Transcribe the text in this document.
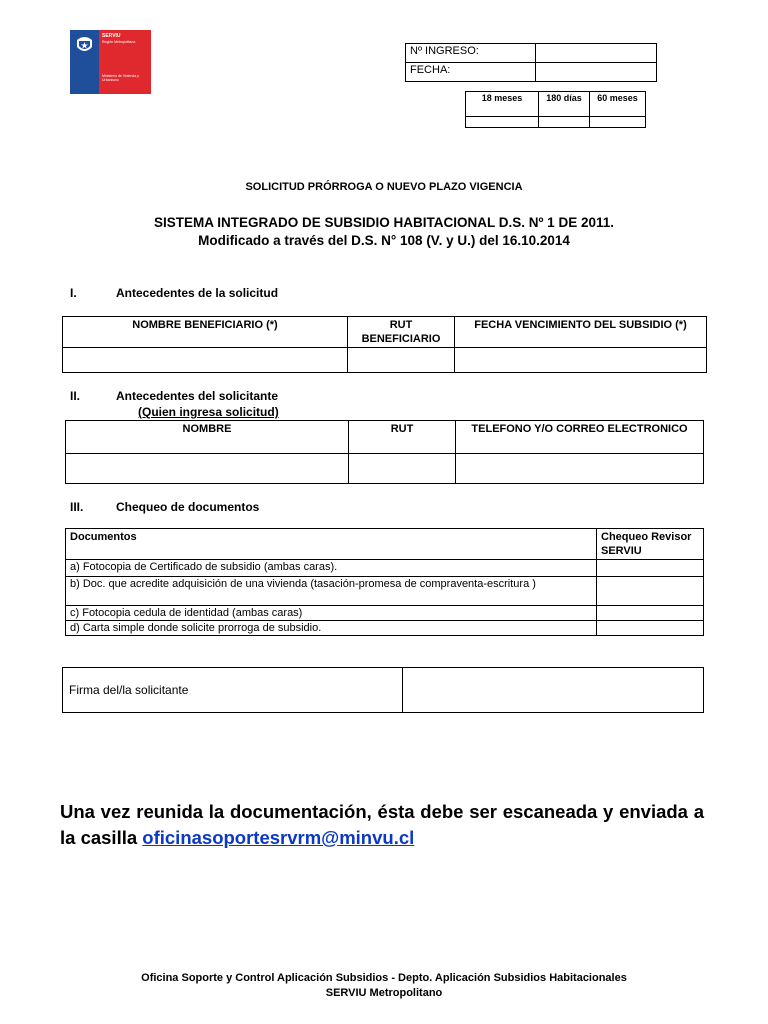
SERVIU
Región Metropolitana
Ministerio de Vivienda y Urbanismo
Nº INGRESO:	
FECHA:	
18 meses	180 días	60 meses

SOLICITUD PRÓRROGA O NUEVO PLAZO VIGENCIA
SISTEMA INTEGRADO DE SUBSIDIO HABITACIONAL D.S. Nº 1 DE 2011.
Modificado a través del D.S. N° 108 (V. y U.) del 16.10.2014
I.	Antecedentes de la solicitud
NOMBRE BENEFICIARIO (*)	RUT BENEFICIARIO	FECHA VENCIMIENTO DEL SUBSIDIO (*)

II.	Antecedentes del solicitante
(Quien ingresa solicitud)
NOMBRE	RUT	TELEFONO Y/O CORREO ELECTRONICO

III.	Chequeo de documentos
Documentos	Chequeo Revisor SERVIU
a) Fotocopia de Certificado de subsidio (ambas caras).	
b) Doc. que acredite adquisición de una vivienda (tasación-promesa de compraventa-escritura )	
c) Fotocopia cedula de identidad (ambas caras)	
d) Carta simple donde solicite prorroga de subsidio.	
Firma del/la solicitante	
Una vez reunida la documentación, ésta debe ser escaneada y enviada a la casilla oficinasoportesrvrm@minvu.cl
Oficina Soporte y Control Aplicación Subsidios - Depto. Aplicación Subsidios Habitacionales
SERVIU Metropolitano
